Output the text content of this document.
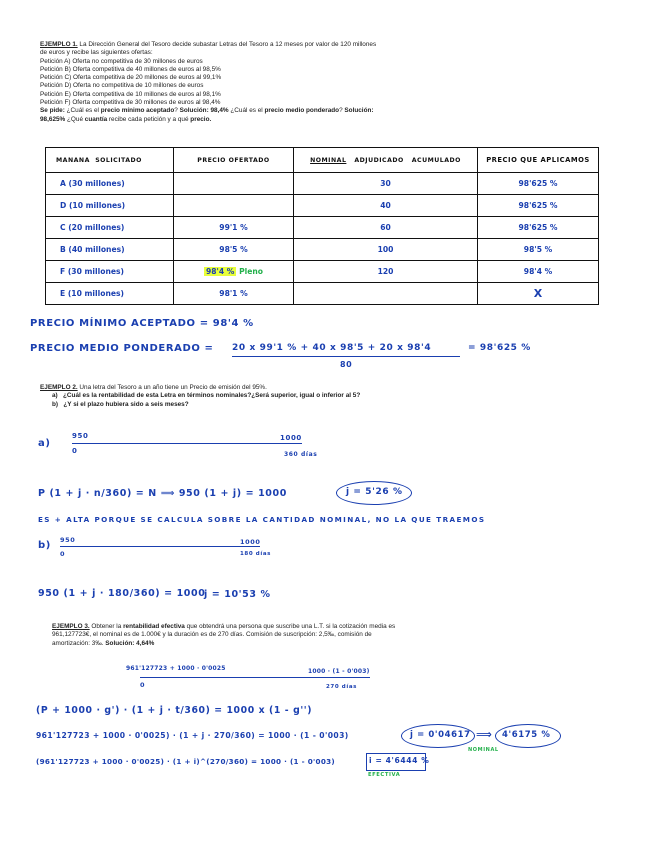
EJEMPLO 1. La Dirección General del Tesoro decide subastar Letras del Tesoro a 12 meses por valor de 120 millones
de euros y recibe las siguientes ofertas:
Petición A) Oferta no competitiva de 30 millones de euros
Petición B) Oferta competitiva de 40 millones de euros al 98,5%
Petición C) Oferta competitiva de 20 millones de euros al 99,1%
Petición D) Oferta no competitiva de 10 millones de euros
Petición E) Oferta competitiva de 10 millones de euros al 98,1%
Petición F) Oferta competitiva de 30 millones de euros al 98,4%
Se pide: ¿Cuál es el precio mínimo aceptado? Solución: 98,4% ¿Cuál es el precio medio ponderado? Solución:
98,625% ¿Qué cuantía recibe cada petición y a qué precio.
MANANA SOLICITADO	PRECIO OFERTADO	NOMINAL ADJUDICADO ACUMULADO	PRECIO QUE APLICAMOS
A (30 millones)		30	98'625 %
D (10 millones)		40	98'625 %
C (20 millones)	99'1 %	60	98'625 %
B (40 millones)	98'5 %	100	98'5 %
F (30 millones)	98'4 % Pleno	120	98'4 %
E (10 millones)	98'1 %		X
PRECIO MÍNIMO ACEPTADO = 98'4 %
PRECIO MEDIO PONDERADO = 20 x 99'1 % + 40 x 98'5 + 20 x 98'4
80
= 98'625 %
EJEMPLO 2. Una letra del Tesoro a un año tiene un Precio de emisión del 95%.
a) ¿Cuál es la rentabilidad de esta Letra en términos nominales?¿Será superior, igual o inferior al 5?
b) ¿Y si el plazo hubiera sido a seis meses?
a)
950	1000
0	360 días
P (1 + j · n/360) = N ⟹ 950 (1 + j) = 1000	j = 5'26 %
ES + ALTA PORQUE SE CALCULA SOBRE LA CANTIDAD NOMINAL, NO LA QUE TRAEMOS
b) 950	1000
0	180 días
950 (1 + j · 180/360) = 1000
j = 10'53 %
EJEMPLO 3. Obtener la rentabilidad efectiva que obtendrá una persona que suscribe una L.T. si la cotización media es
961,127723€, el nominal es de 1.000€ y la duración es de 270 días. Comisión de suscripción: 2,5‰, comisión de
amortización: 3‰. Solución: 4,64%
961'127723 + 1000 · 0'0025	1000 · (1 - 0'003)
0	270 días
(P + 1000 · g') · (1 + j · t/360) = 1000 x (1 - g'')
961'127723 + 1000 · 0'0025) · (1 + j · 270/360) = 1000 · (1 - 0'003)	j = 0'04617 ⟹ 4'6175 %
NOMINAL
(961'127723 + 1000 · 0'0025) · (1 + i)^(270/360) = 1000 · (1 - 0'003)	i = 4'6444 %
EFECTIVA
